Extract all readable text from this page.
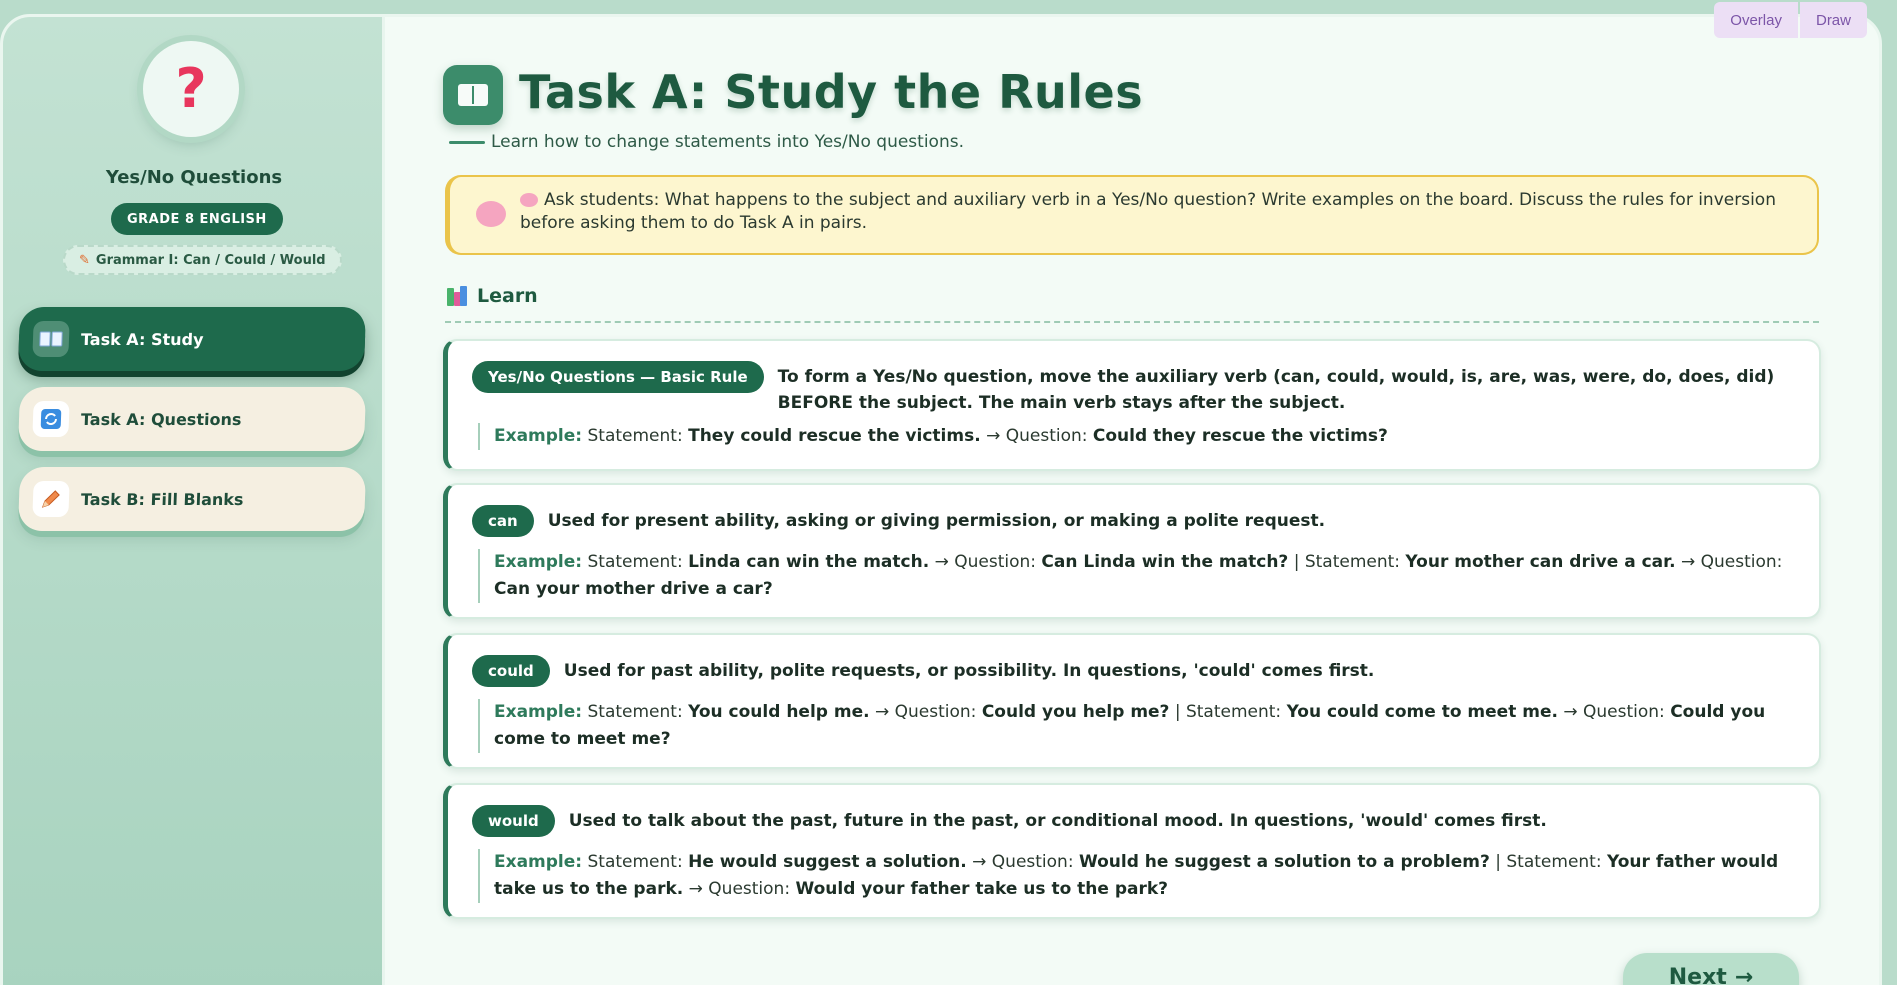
?
Yes/No Questions
GRADE 8 ENGLISH
✎ Grammar I: Can / Could / Would
Task A: Study
Task A: Questions
Task B: Fill Blanks
Task A: Study the Rules
Learn how to change statements into Yes/No questions.
Ask students: What happens to the subject and auxiliary verb in a Yes/No question? Write examples on the board. Discuss the rules for inversion before asking them to do Task A in pairs.
Learn
Yes/No Questions — Basic Rule	To form a Yes/No question, move the auxiliary verb (can, could, would, is, are, was, were, do, does, did) BEFORE the subject. The main verb stays after the subject.
Example: Statement: They could rescue the victims. → Question: Could they rescue the victims?
can	Used for present ability, asking or giving permission, or making a polite request.
Example: Statement: Linda can win the match. → Question: Can Linda win the match? | Statement: Your mother can drive a car. → Question: Can your mother drive a car?
could	Used for past ability, polite requests, or possibility. In questions, 'could' comes first.
Example: Statement: You could help me. → Question: Could you help me? | Statement: You could come to meet me. → Question: Could you come to meet me?
would	Used to talk about the past, future in the past, or conditional mood. In questions, 'would' comes first.
Example: Statement: He would suggest a solution. → Question: Would he suggest a solution to a problem? | Statement: Your father would take us to the park. → Question: Would your father take us to the park?
Next →
Overlay	Draw
